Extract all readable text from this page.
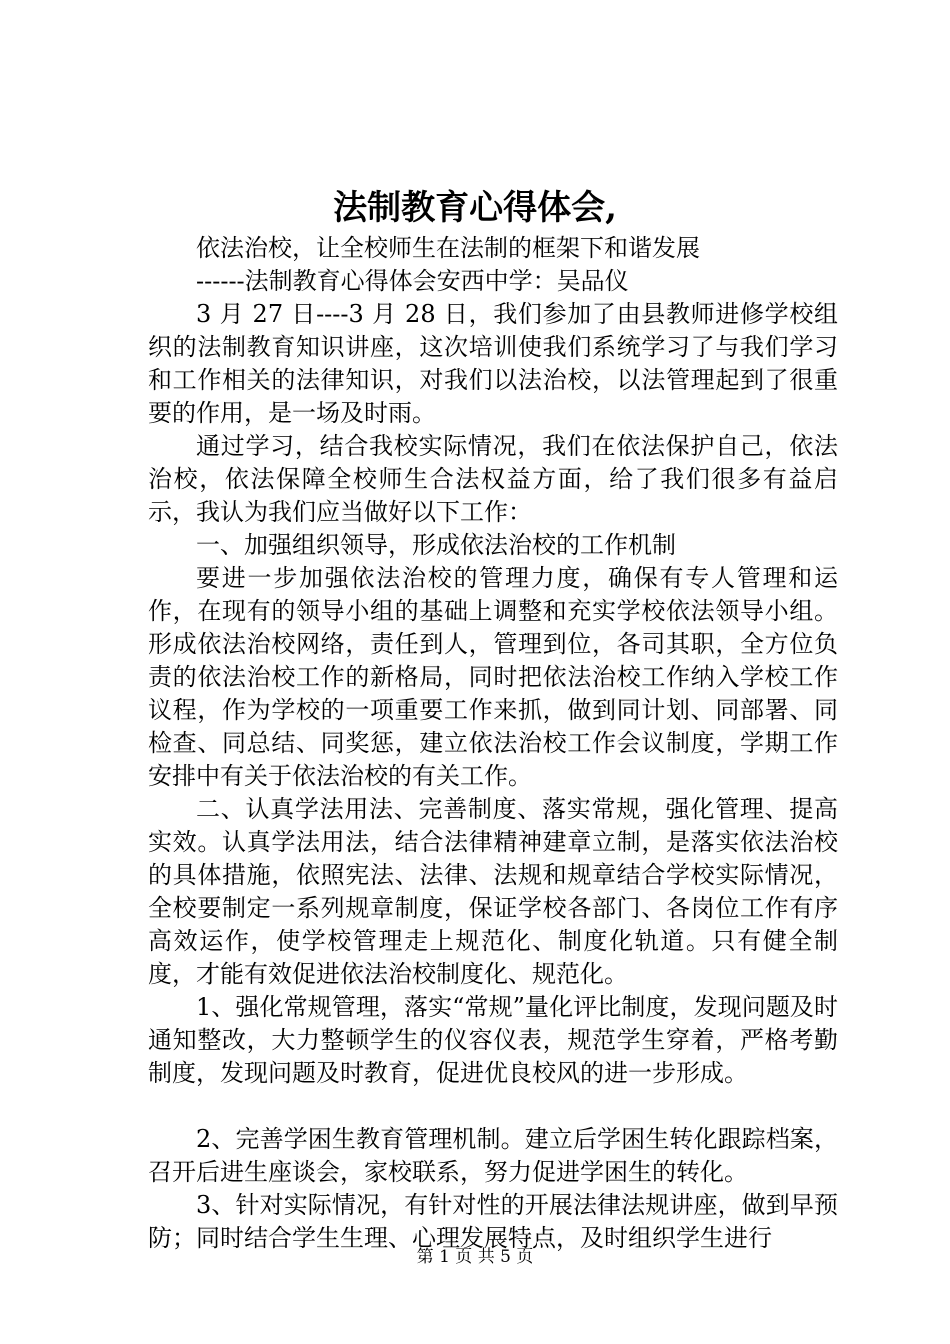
法制教育心得体会,

依法治校，让全校师生在法制的框架下和谐发展

------法制教育心得体会安西中学：吴品仪

3 月 27 日----3 月 28 日，我们参加了由县教师进修学校组织的法制教育知识讲座，这次培训使我们系统学习了与我们学习和工作相关的法律知识，对我们以法治校，以法管理起到了很重要的作用，是一场及时雨。

通过学习，结合我校实际情况，我们在依法保护自己，依法治校，依法保障全校师生合法权益方面，给了我们很多有益启示，我认为我们应当做好以下工作：

一、加强组织领导，形成依法治校的工作机制

要进一步加强依法治校的管理力度，确保有专人管理和运作，在现有的领导小组的基础上调整和充实学校依法领导小组。形成依法治校网络，责任到人，管理到位，各司其职，全方位负责的依法治校工作的新格局，同时把依法治校工作纳入学校工作议程，作为学校的一项重要工作来抓，做到同计划、同部署、同检查、同总结、同奖惩，建立依法治校工作会议制度，学期工作安排中有关于依法治校的有关工作。

二、认真学法用法、完善制度、落实常规，强化管理、提高实效。认真学法用法，结合法律精神建章立制，是落实依法治校的具体措施，依照宪法、法律、法规和规章结合学校实际情况，全校要制定一系列规章制度，保证学校各部门、各岗位工作有序高效运作，使学校管理走上规范化、制度化轨道。只有健全制度，才能有效促进依法治校制度化、规范化。

1、强化常规管理，落实“常规”量化评比制度，发现问题及时通知整改，大力整顿学生的仪容仪表，规范学生穿着，严格考勤制度，发现问题及时教育，促进优良校风的进一步形成。

2、完善学困生教育管理机制。建立后学困生转化跟踪档案，召开后进生座谈会，家校联系，努力促进学困生的转化。

3、针对实际情况，有针对性的开展法律法规讲座，做到早预防；同时结合学生生理、心理发展特点，及时组织学生进行

第 1 页 共 5 页
